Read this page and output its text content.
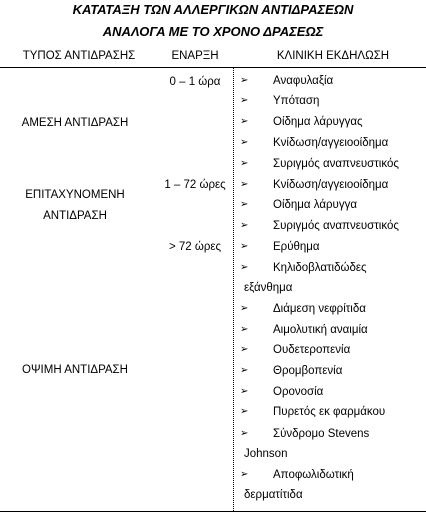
ΚΑΤΑΤΑΞΗ ΤΩΝ ΑΛΛΕΡΓΙΚΩΝ ΑΝΤΙΔΡΑΣΕΩΝ
ΑΝΑΛΟΓΑ ΜΕ ΤΟ ΧΡΟΝΟ ΔΡΑΣΕΩΣ
ΤΥΠΟΣ ΑΝΤΙΔΡΑΣΗΣ	ΕΝΑΡΞΗ	ΚΛΙΝΙΚΗ ΕΚΔΗΛΩΣΗ
ΑΜΕΣΗ ΑΝΤΙΔΡΑΣΗ
ΕΠΙΤΑΧΥΝΟΜΕΝΗ
ΑΝΤΙΔΡΑΣΗ
ΟΨΙΜΗ ΑΝΤΙΔΡΑΣΗ
0 – 1 ώρα
1 – 72 ώρες
> 72 ώρες
➢ Αναφυλαξία
➢ Υπόταση
➢ Οίδημα λάρυγγας
➢ Κνίδωση/αγγειοοίδημα
➢ Συριγμός αναπνευστικός
➢ Κνίδωση/αγγειοοίδημα
➢ Οίδημα λάρυγγα
➢ Συριγμός αναπνευστικός
➢ Ερύθημα
➢ Κηλιδοβλατιδώδες
εξάνθημα
➢ Διάμεση νεφρίτιδα
➢ Αιμολυτική αναιμία
➢ Ουδετεροπενία
➢ Θρομβοπενία
➢ Ορονοσία
➢ Πυρετός εκ φαρμάκου
➢ Σύνδρομο Stevens
Johnson
➢ Αποφωλιδωτική
δερματίτιδα
